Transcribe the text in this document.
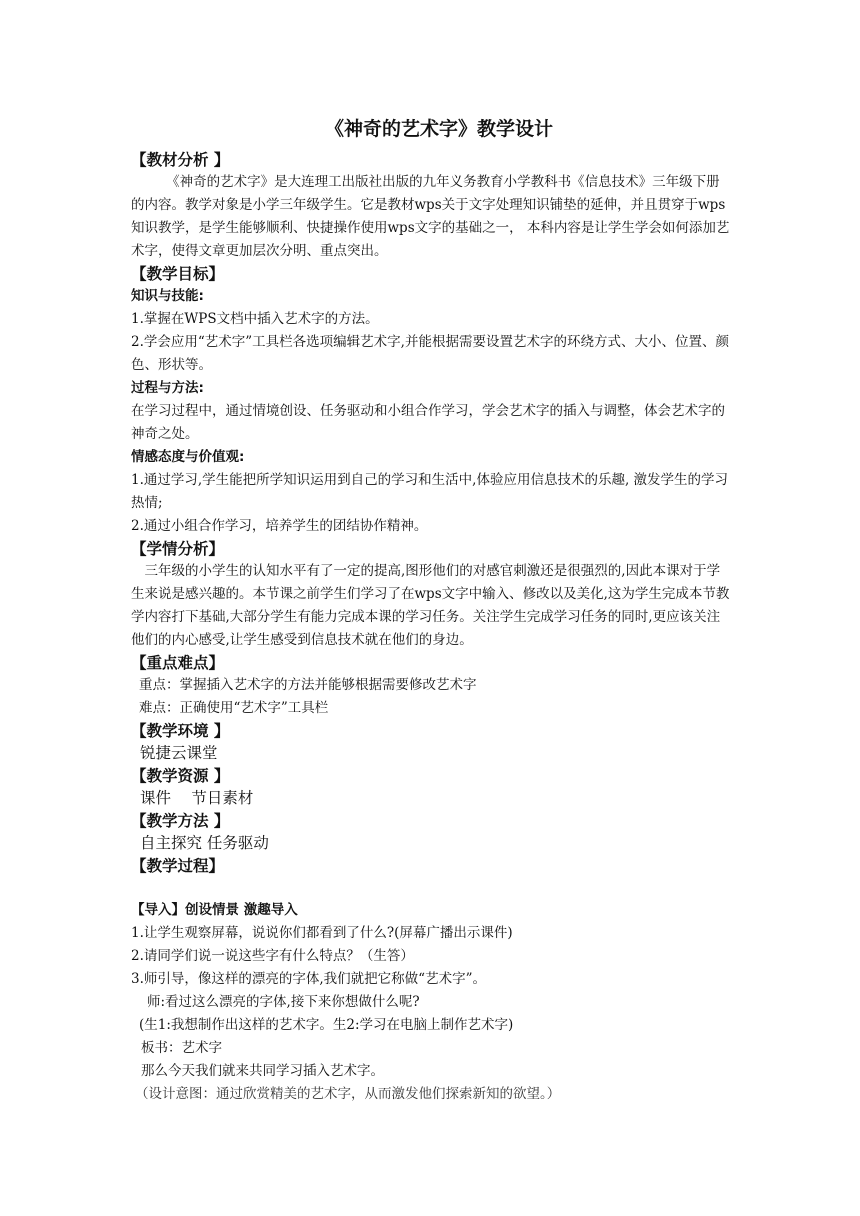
《神奇的艺术字》教学设计

【教材分析 】

《神奇的艺术字》是大连理工出版社出版的九年义务教育小学教科书《信息技术》三年级下册的内容。教学对象是小学三年级学生。它是教材wps关于文字处理知识铺垫的延伸，并且贯穿于wps知识教学，是学生能够顺利、快捷操作使用wps文字的基础之一， 本科内容是让学生学会如何添加艺术字，使得文章更加层次分明、重点突出。

【教学目标】

知识与技能:

1.掌握在WPS文档中插入艺术字的方法。

2.学会应用“艺术字”工具栏各选项编辑艺术字,并能根据需要设置艺术字的环绕方式、大小、位置、颜色、形状等。

过程与方法:

在学习过程中，通过情境创设、任务驱动和小组合作学习，学会艺术字的插入与调整，体会艺术字的神奇之处。

情感态度与价值观:

1.通过学习,学生能把所学知识运用到自己的学习和生活中,体验应用信息技术的乐趣, 激发学生的学习热情;

2.通过小组合作学习，培养学生的团结协作精神。

【学情分析】

三年级的小学生的认知水平有了一定的提高,图形他们的对感官刺激还是很强烈的,因此本课对于学生来说是感兴趣的。本节课之前学生们学习了在wps文字中输入、修改以及美化,这为学生完成本节教学内容打下基础,大部分学生有能力完成本课的学习任务。关注学生完成学习任务的同时,更应该关注他们的内心感受,让学生感受到信息技术就在他们的身边。

【重点难点】

重点：掌握插入艺术字的方法并能够根据需要修改艺术字

难点：正确使用“艺术字”工具栏

【教学环境 】

锐捷云课堂

【教学资源 】

课件　 节日素材

【教学方法 】

自主探究 任务驱动

【教学过程】

【导入】创设情景 激趣导入

1.让学生观察屏幕，说说你们都看到了什么?(屏幕广播出示课件)

2.请同学们说一说这些字有什么特点？（生答）

3.师引导，像这样的漂亮的字体,我们就把它称做“艺术字”。

师:看过这么漂亮的字体,接下来你想做什么呢?

(生1:我想制作出这样的艺术字。生2:学习在电脑上制作艺术字)

板书：艺术字

那么今天我们就来共同学习插入艺术字。

（设计意图：通过欣赏精美的艺术字，从而激发他们探索新知的欲望。）
